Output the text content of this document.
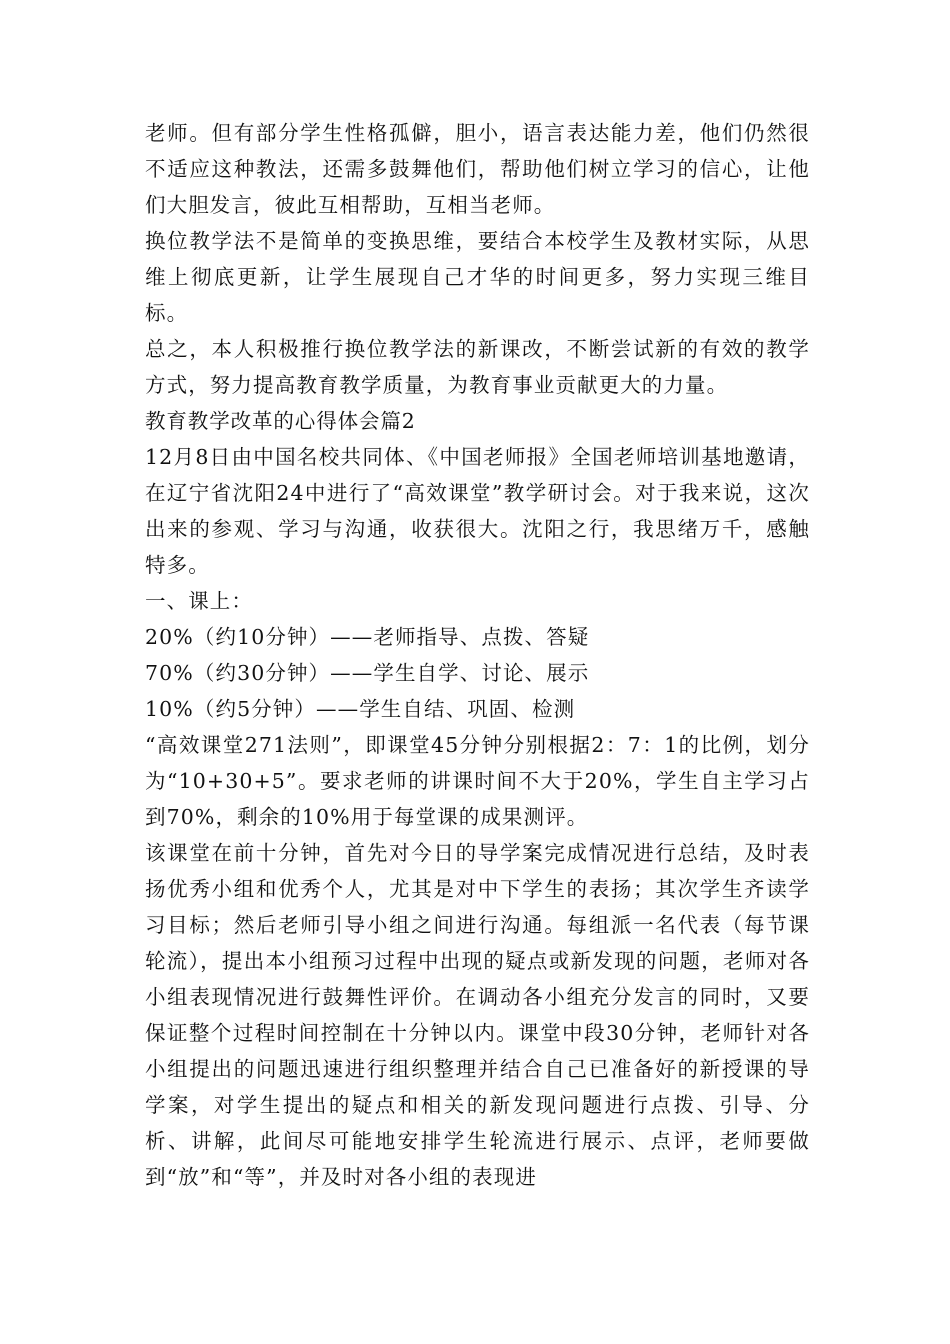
老师。但有部分学生性格孤僻，胆小，语言表达能力差，他们仍然很不适应这种教法，还需多鼓舞他们，帮助他们树立学习的信心，让他们大胆发言，彼此互相帮助，互相当老师。

换位教学法不是简单的变换思维，要结合本校学生及教材实际，从思维上彻底更新，让学生展现自己才华的时间更多，努力实现三维目标。

总之，本人积极推行换位教学法的新课改，不断尝试新的有效的教学方式，努力提高教育教学质量，为教育事业贡献更大的力量。

教育教学改革的心得体会篇2

12月8日由中国名校共同体、《中国老师报》全国老师培训基地邀请，在辽宁省沈阳24中进行了“高效课堂”教学研讨会。对于我来说，这次出来的参观、学习与沟通，收获很大。沈阳之行，我思绪万千，感触特多。

一、课上：

20%（约10分钟）——老师指导、点拨、答疑

70%（约30分钟）——学生自学、讨论、展示

10%（约5分钟）——学生自结、巩固、检测

“高效课堂271法则”，即课堂45分钟分别根据2：7：1的比例，划分为“10+30+5”。要求老师的讲课时间不大于20%，学生自主学习占到70%，剩余的10%用于每堂课的成果测评。

该课堂在前十分钟，首先对今日的导学案完成情况进行总结，及时表扬优秀小组和优秀个人，尤其是对中下学生的表扬；其次学生齐读学习目标；然后老师引导小组之间进行沟通。每组派一名代表（每节课轮流），提出本小组预习过程中出现的疑点或新发现的问题，老师对各小组表现情况进行鼓舞性评价。在调动各小组充分发言的同时，又要保证整个过程时间控制在十分钟以内。课堂中段30分钟，老师针对各小组提出的问题迅速进行组织整理并结合自己已准备好的新授课的导学案，对学生提出的疑点和相关的新发现问题进行点拨、引导、分析、讲解，此间尽可能地安排学生轮流进行展示、点评，老师要做到“放”和“等”，并及时对各小组的表现进
